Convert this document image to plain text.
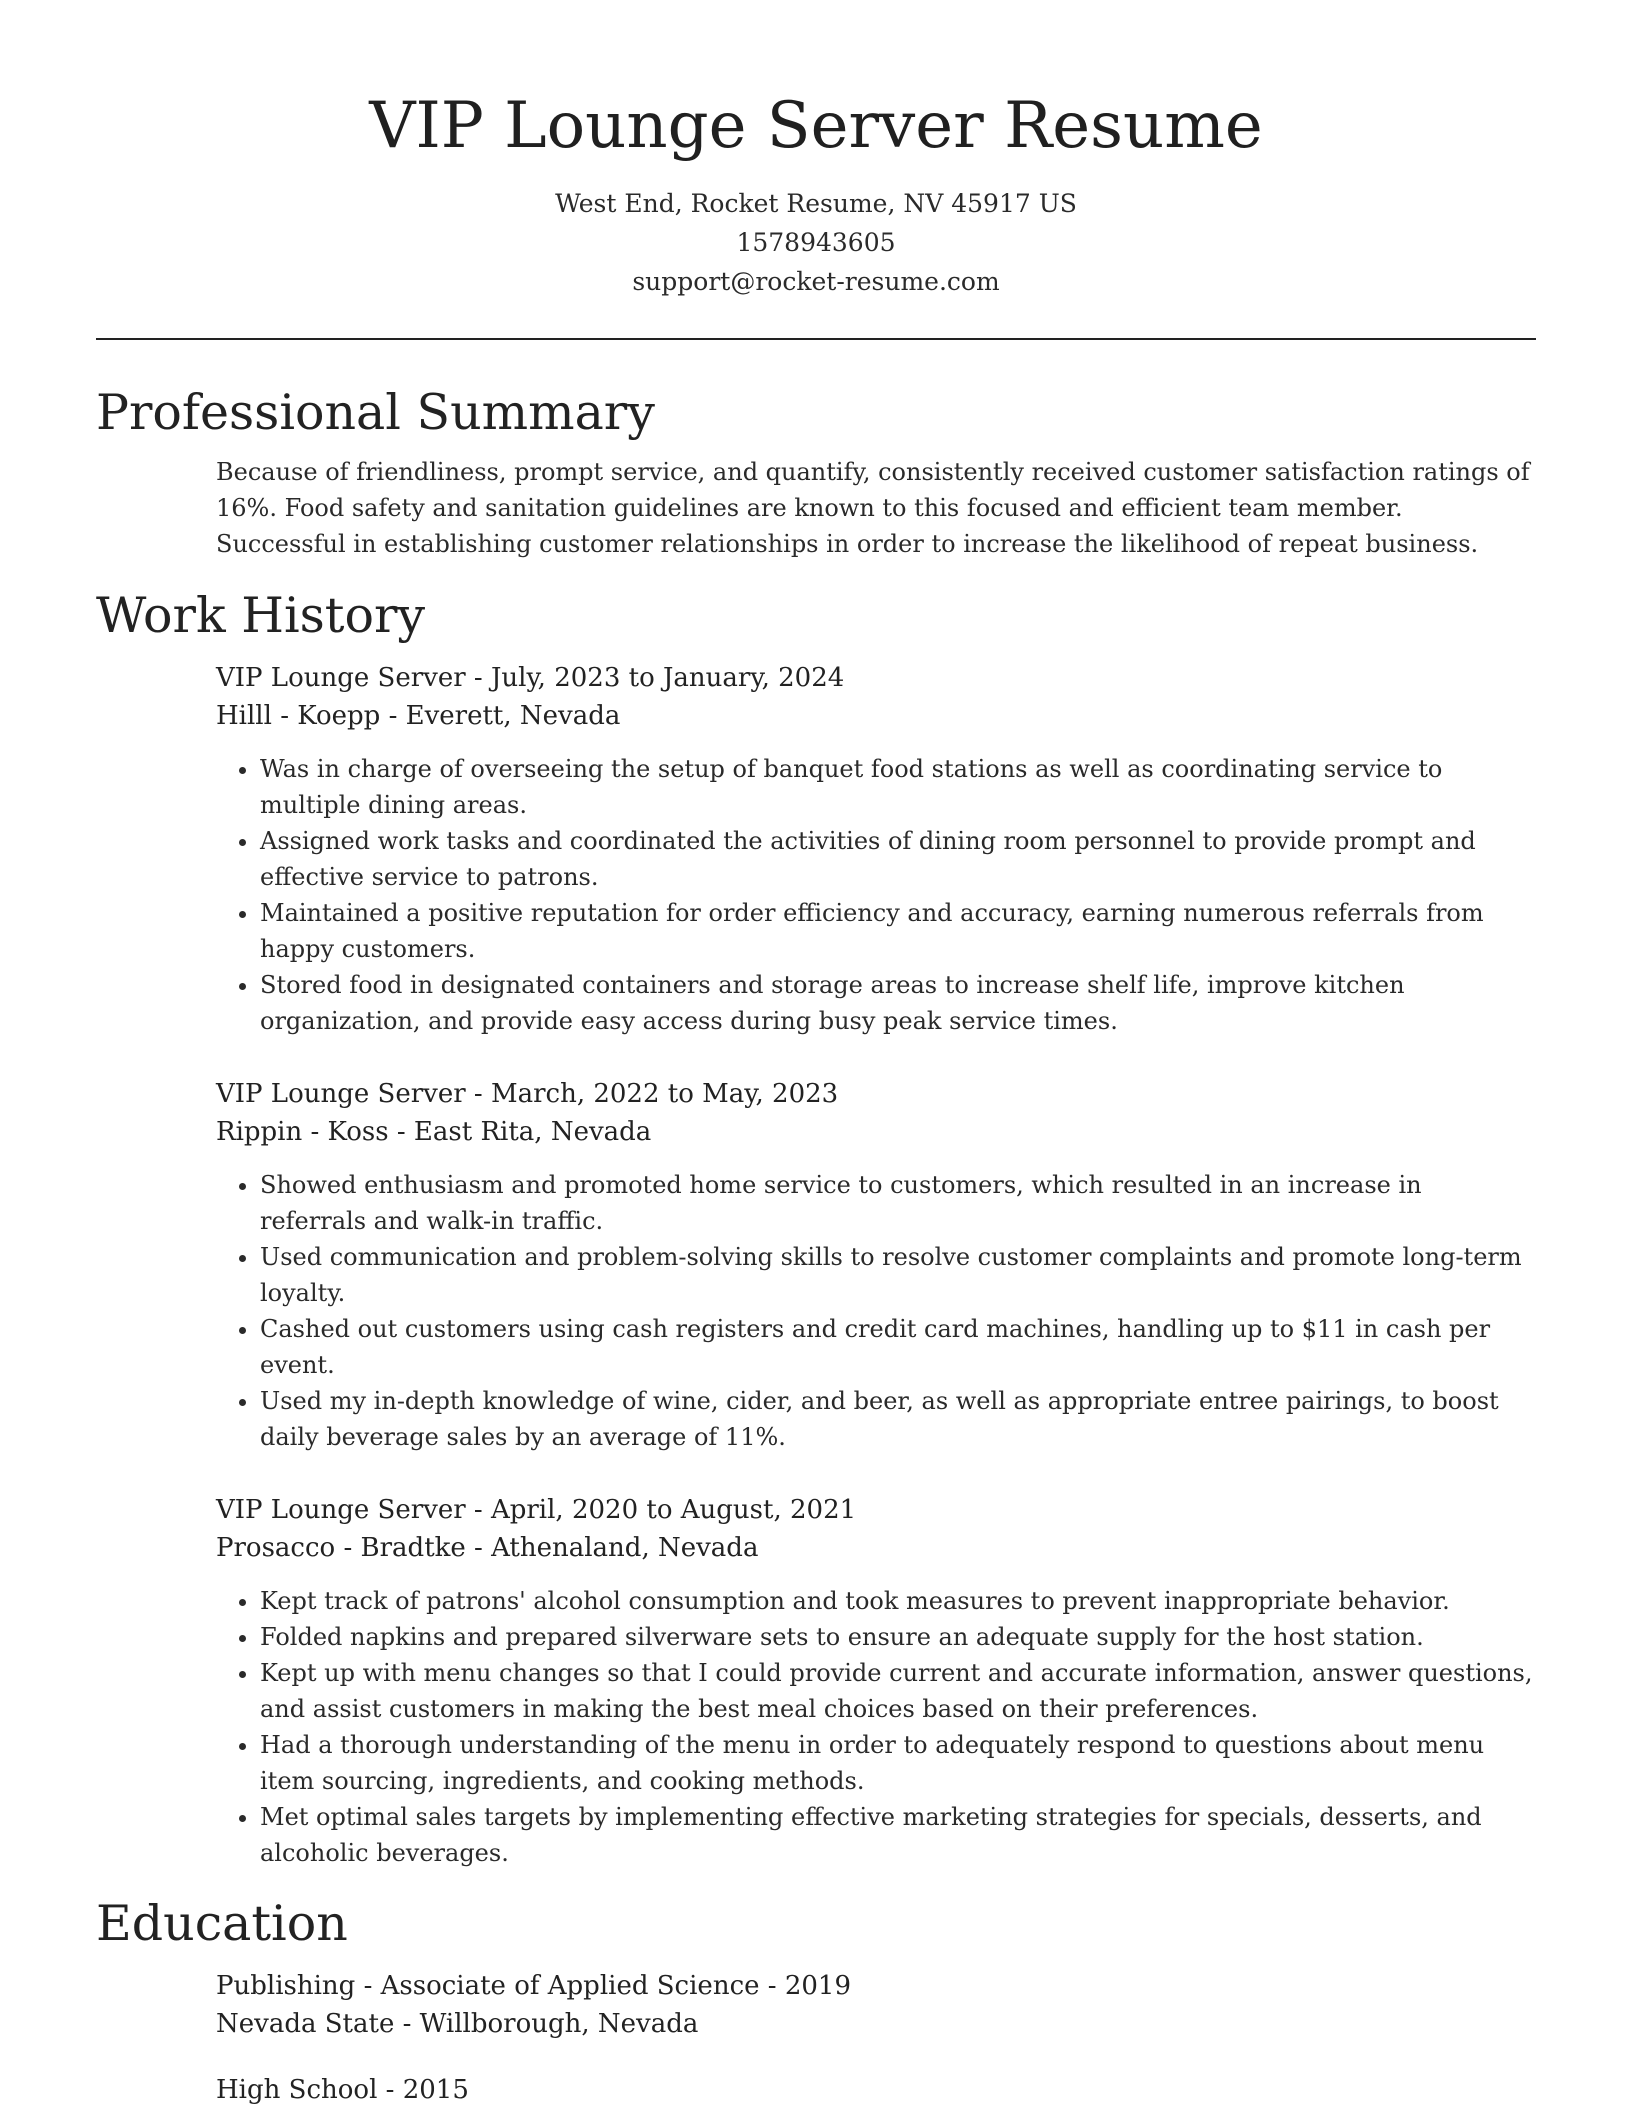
VIP Lounge Server Resume
West End, Rocket Resume, NV 45917 US
1578943605
support@rocket-resume.com
Professional Summary
Because of friendliness, prompt service, and quantify, consistently received customer satisfaction ratings of 16%. Food safety and sanitation guidelines are known to this focused and efficient team member. Successful in establishing customer relationships in order to increase the likelihood of repeat business.
Work History
VIP Lounge Server - July, 2023 to January, 2024
Hilll - Koepp - Everett, Nevada
• Was in charge of overseeing the setup of banquet food stations as well as coordinating service to multiple dining areas.
• Assigned work tasks and coordinated the activities of dining room personnel to provide prompt and effective service to patrons.
• Maintained a positive reputation for order efficiency and accuracy, earning numerous referrals from happy customers.
• Stored food in designated containers and storage areas to increase shelf life, improve kitchen organization, and provide easy access during busy peak service times.
VIP Lounge Server - March, 2022 to May, 2023
Rippin - Koss - East Rita, Nevada
• Showed enthusiasm and promoted home service to customers, which resulted in an increase in referrals and walk-in traffic.
• Used communication and problem-solving skills to resolve customer complaints and promote long-term loyalty.
• Cashed out customers using cash registers and credit card machines, handling up to $11 in cash per event.
• Used my in-depth knowledge of wine, cider, and beer, as well as appropriate entree pairings, to boost daily beverage sales by an average of 11%.
VIP Lounge Server - April, 2020 to August, 2021
Prosacco - Bradtke - Athenaland, Nevada
• Kept track of patrons' alcohol consumption and took measures to prevent inappropriate behavior.
• Folded napkins and prepared silverware sets to ensure an adequate supply for the host station.
• Kept up with menu changes so that I could provide current and accurate information, answer questions, and assist customers in making the best meal choices based on their preferences.
• Had a thorough understanding of the menu in order to adequately respond to questions about menu item sourcing, ingredients, and cooking methods.
• Met optimal sales targets by implementing effective marketing strategies for specials, desserts, and alcoholic beverages.
Education
Publishing - Associate of Applied Science - 2019
Nevada State - Willborough, Nevada
High School - 2015
